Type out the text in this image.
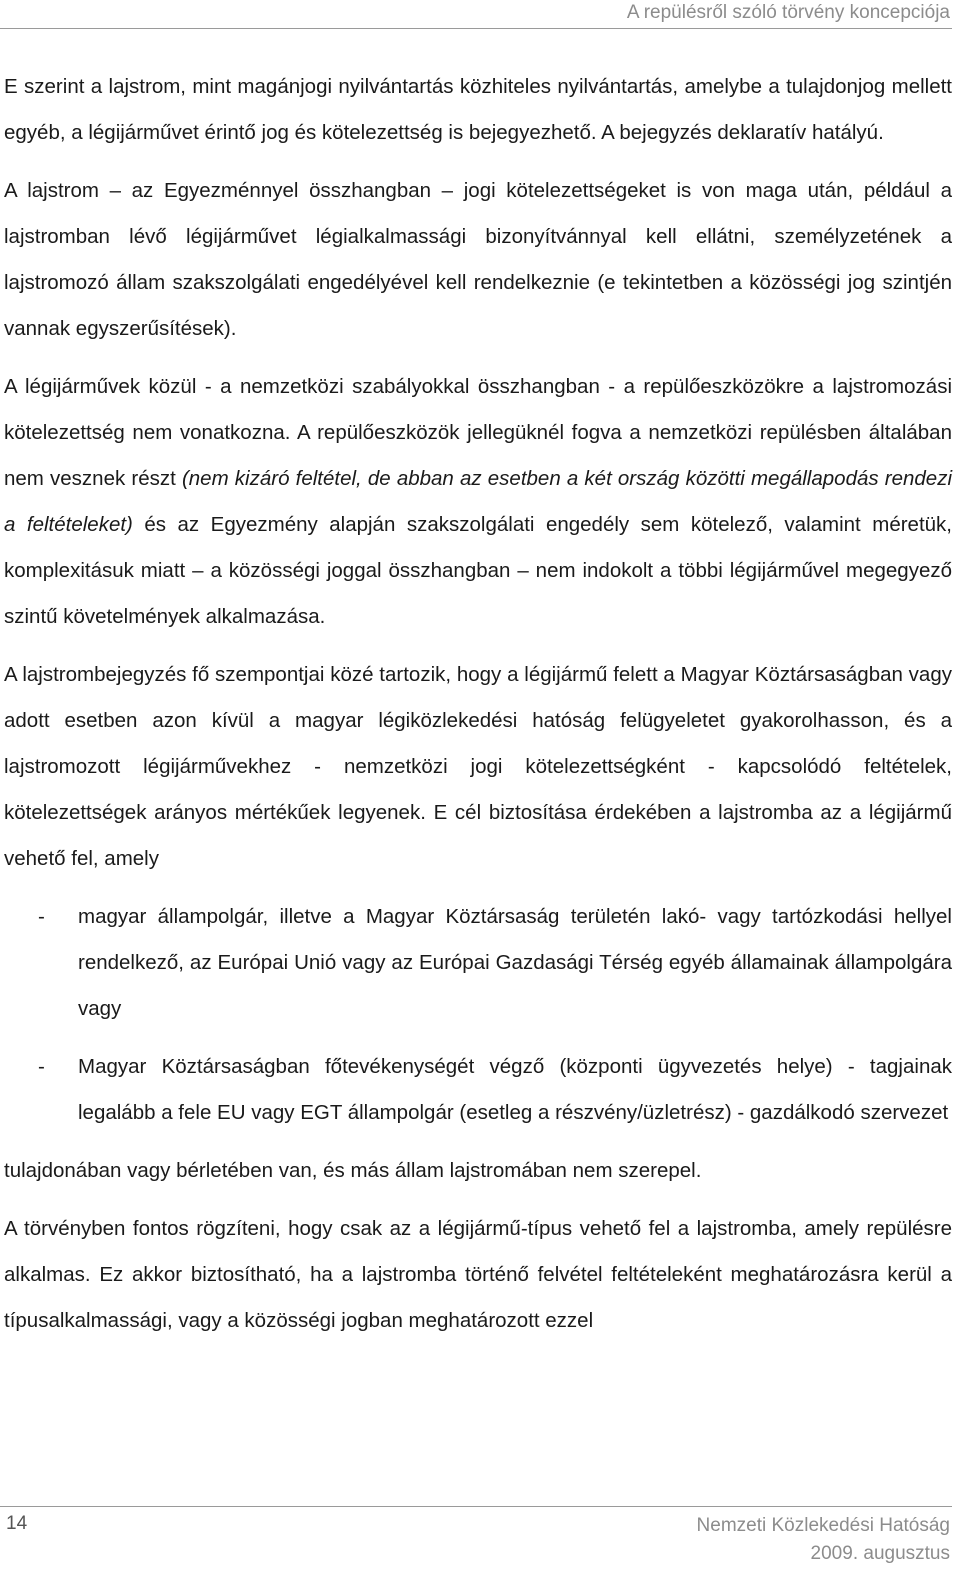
A repülésről szóló törvény koncepciója

E szerint a lajstrom, mint magánjogi nyilvántartás közhiteles nyilvántartás, amelybe a tulajdonjog mellett egyéb, a légijárművet érintő jog és kötelezettség is bejegyezhető. A bejegyzés deklaratív hatályú.

A lajstrom – az Egyezménnyel összhangban – jogi kötelezettségeket is von maga után, például a lajstromban lévő légijárművet légialkalmassági bizonyítvánnyal kell ellátni, személyzetének a lajstromozó állam szakszolgálati engedélyével kell rendelkeznie (e tekintetben a közösségi jog szintjén vannak egyszerűsítések).

A légijárművek közül - a nemzetközi szabályokkal összhangban - a repülőeszközökre a lajstromozási kötelezettség nem vonatkozna. A repülőeszközök jellegüknél fogva a nemzetközi repülésben általában nem vesznek részt (nem kizáró feltétel, de abban az esetben a két ország közötti megállapodás rendezi a feltételeket) és az Egyezmény alapján szakszolgálati engedély sem kötelező, valamint méretük, komplexitásuk miatt – a közösségi joggal összhangban – nem indokolt a többi légijárművel megegyező szintű követelmények alkalmazása.

A lajstrombejegyzés fő szempontjai közé tartozik, hogy a légijármű felett a Magyar Köztársaságban vagy adott esetben azon kívül a magyar légiközlekedési hatóság felügyeletet gyakorolhasson, és a lajstromozott légijárművekhez - nemzetközi jogi kötelezettségként - kapcsolódó feltételek, kötelezettségek arányos mértékűek legyenek. E cél biztosítása érdekében a lajstromba az a légijármű vehető fel, amely

-	magyar állampolgár, illetve a Magyar Köztársaság területén lakó- vagy tartózkodási hellyel rendelkező, az Európai Unió vagy az Európai Gazdasági Térség egyéb államainak állampolgára vagy
-	Magyar Köztársaságban főtevékenységét végző (központi ügyvezetés helye) - tagjainak legalább a fele EU vagy EGT állampolgár (esetleg a részvény/üzletrész) - gazdálkodó szervezet

tulajdonában vagy bérletében van, és más állam lajstromában nem szerepel.

A törvényben fontos rögzíteni, hogy csak az a légijármű-típus vehető fel a lajstromba, amely repülésre alkalmas. Ez akkor biztosítható, ha a lajstromba történő felvétel feltételeként meghatározásra kerül a típusalkalmassági, vagy a közösségi jogban meghatározott ezzel

14	Nemzeti Közlekedési Hatóság
2009. augusztus
